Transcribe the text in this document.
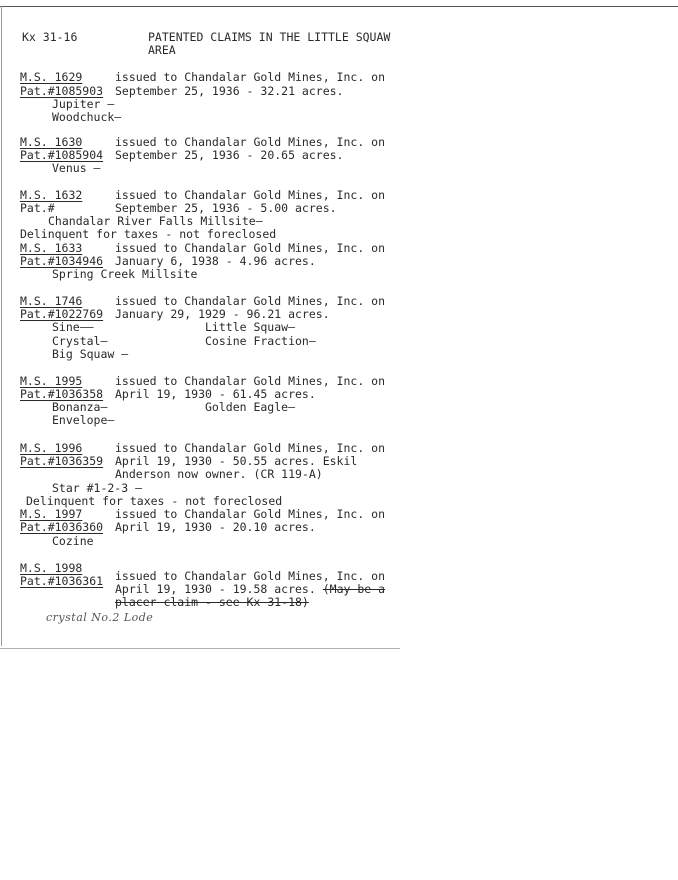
Kx 31-16	PATENTED CLAIMS IN THE LITTLE SQUAW
AREA
M.S. 1629	issued to Chandalar Gold Mines, Inc. on
Pat.#1085903 September 25, 1936 - 32.21 acres.
Jupiter —
Woodchuck—
M.S. 1630	issued to Chandalar Gold Mines, Inc. on
Pat.#1085904 September 25, 1936 - 20.65 acres.
Venus —
M.S. 1632	issued to Chandalar Gold Mines, Inc. on
Pat.#	September 25, 1936 - 5.00 acres.
Chandalar River Falls Millsite—
Delinquent for taxes - not foreclosed
M.S. 1633	issued to Chandalar Gold Mines, Inc. on
Pat.#1034946 January 6, 1938 - 4.96 acres.
Spring Creek Millsite
M.S. 1746	issued to Chandalar Gold Mines, Inc. on
Pat.#1022769 January 29, 1929 - 96.21 acres.
Sine——	Little Squaw—
Crystal—	Cosine Fraction—
Big Squaw —
M.S. 1995	issued to Chandalar Gold Mines, Inc. on
Pat.#1036358 April 19, 1930 - 61.45 acres.
Bonanza—	Golden Eagle—
Envelope—
M.S. 1996	issued to Chandalar Gold Mines, Inc. on
Pat.#1036359 April 19, 1930 - 50.55 acres. Eskil
Anderson now owner. (CR 119-A)
Star #1-2-3 —
Delinquent for taxes - not foreclosed
M.S. 1997	issued to Chandalar Gold Mines, Inc. on
Pat.#1036360 April 19, 1930 - 20.10 acres.
Cozine
M.S. 1998
Pat.#1036361 issued to Chandalar Gold Mines, Inc. on
April 19, 1930 - 19.58 acres. (May be a
placer claim - see Kx 31-18)
crystal No.2 Lode
